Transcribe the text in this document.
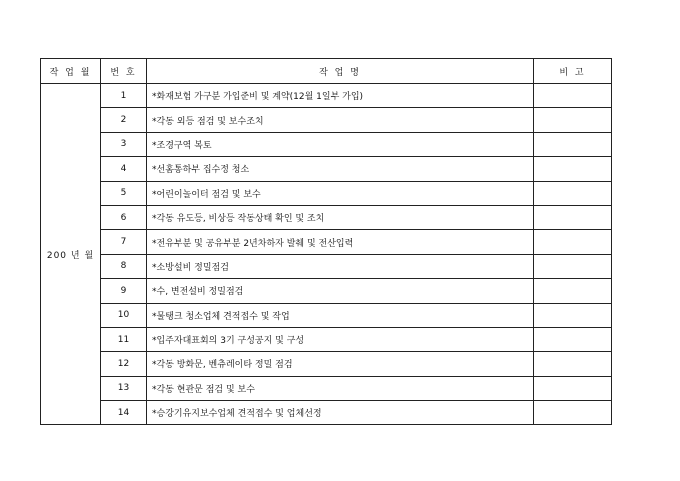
작 업 월	번 호	작 업 명	비 고
200 년 월	1	*화재보험 가구분 가입준비 및 계약(12월 1일부 가입)	
	2	*각동 외등 점검 및 보수조치	
	3	*조경구역 복토	
	4	*선홈통하부 집수정 청소	
	5	*어린이놀이터 점검 및 보수	
	6	*각동 유도등, 비상등 작동상태 확인 및 조치	
	7	*전유부분 및 공유부분 2년차하자 발췌 및 전산입력	
	8	*소방설비 정밀점검	
	9	*수, 변전설비 정밀점검	
	10	*물탱크 청소업체 견적접수 및 작업	
	11	*입주자대표회의 3기 구성공지 및 구성	
	12	*각동 방화문, 벤츄레이타 정밀 점검	
	13	*각동 현관문 점검 및 보수	
	14	*승강기유지보수업체 견적접수 및 업체선정	
